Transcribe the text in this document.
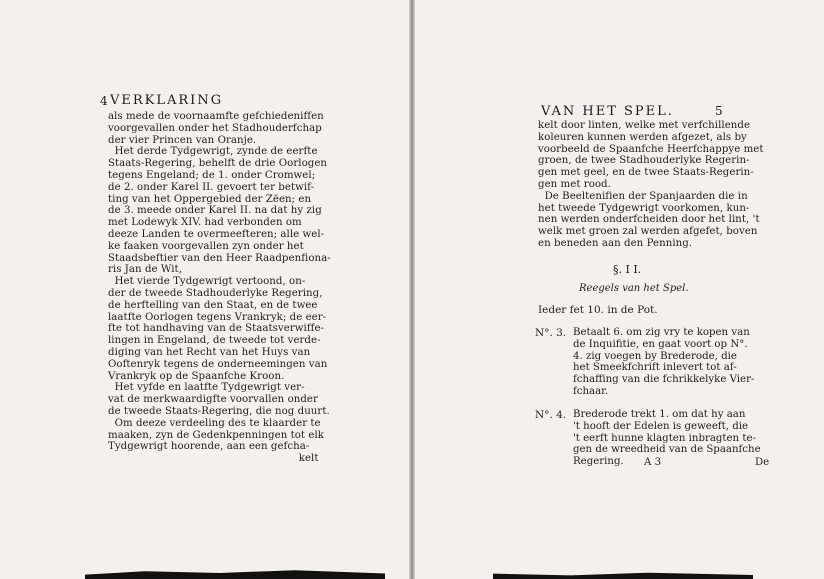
4 VERKLARING
als mede de voornaamfte gefchiedeniffen
voorgevallen onder het Stadhouderfchap
der vier Princen van Oranje.
Het derde Tydgewrigt, zynde de eerfte
Staats-Regering, behelft de drie Oorlogen
tegens Engeland; de 1. onder Cromwel;
de 2. onder Karel II. gevoert ter betwif-
ting van het Oppergebied der Zëen; en
de 3. meede onder Karel II. na dat hy zig
met Lodewyk XIV. had verbonden om
deeze Landen te overmeefteren; alle wel-
ke faaken voorgevallen zyn onder het
Staadsbeftier van den Heer Raadpenfiona-
ris Jan de Wit,
Het vierde Tydgewrigt vertoond, on-
der de tweede Stadhouderlyke Regering,
de herftelling van den Staat, en de twee
laatfte Oorlogen tegens Vrankryk; de eer-
fte tot handhaving van de Staatsverwiffe-
lingen in Engeland, de tweede tot verde-
diging van het Recht van het Huys van
Ooftenryk tegens de onderneemingen van
Vrankryk op de Spaanfche Kroon.
Het vyfde en laatfte Tydgewrigt ver-
vat de merkwaardigfte voorvallen onder
de tweede Staats-Regering, die nog duurt.
Om deeze verdeeling des te klaarder te
maaken, zyn de Gedenkpenningen tot elk
Tydgewrigt hoorende, aan een gefcha-
kelt
VAN HET SPEL.	5
kelt door linten, welke met verfchillende
koleuren kunnen werden afgezet, als by
voorbeeld de Spaanfche Heerfchappye met
groen, de twee Stadhouderlyke Regerin-
gen met geel, en de twee Staats-Regerin-
gen met rood.
De Beeltenifien der Spanjaarden die in
het tweede Tydgewrigt voorkomen, kun-
nen werden onderfcheiden door het lint, 't
welk met groen zal werden afgefet, boven
en beneden aan den Penning.
§. I I.
Reegels van het Spel.
Ieder fet 10. in de Pot.
N°. 3. Betaalt 6. om zig vry te kopen van
de Inquifitie, en gaat voort op N°.
4. zig voegen by Brederode, die
het Smeekfchrift inlevert tot af-
fchaffing van die fchrikkelyke Vier-
fchaar.
N°. 4. Brederode trekt 1. om dat hy aan
't hooft der Edelen is geweeft, die
't eerft hunne klagten inbragten te-
gen de wreedheid van de Spaanfche
Regering.	A 3	De
